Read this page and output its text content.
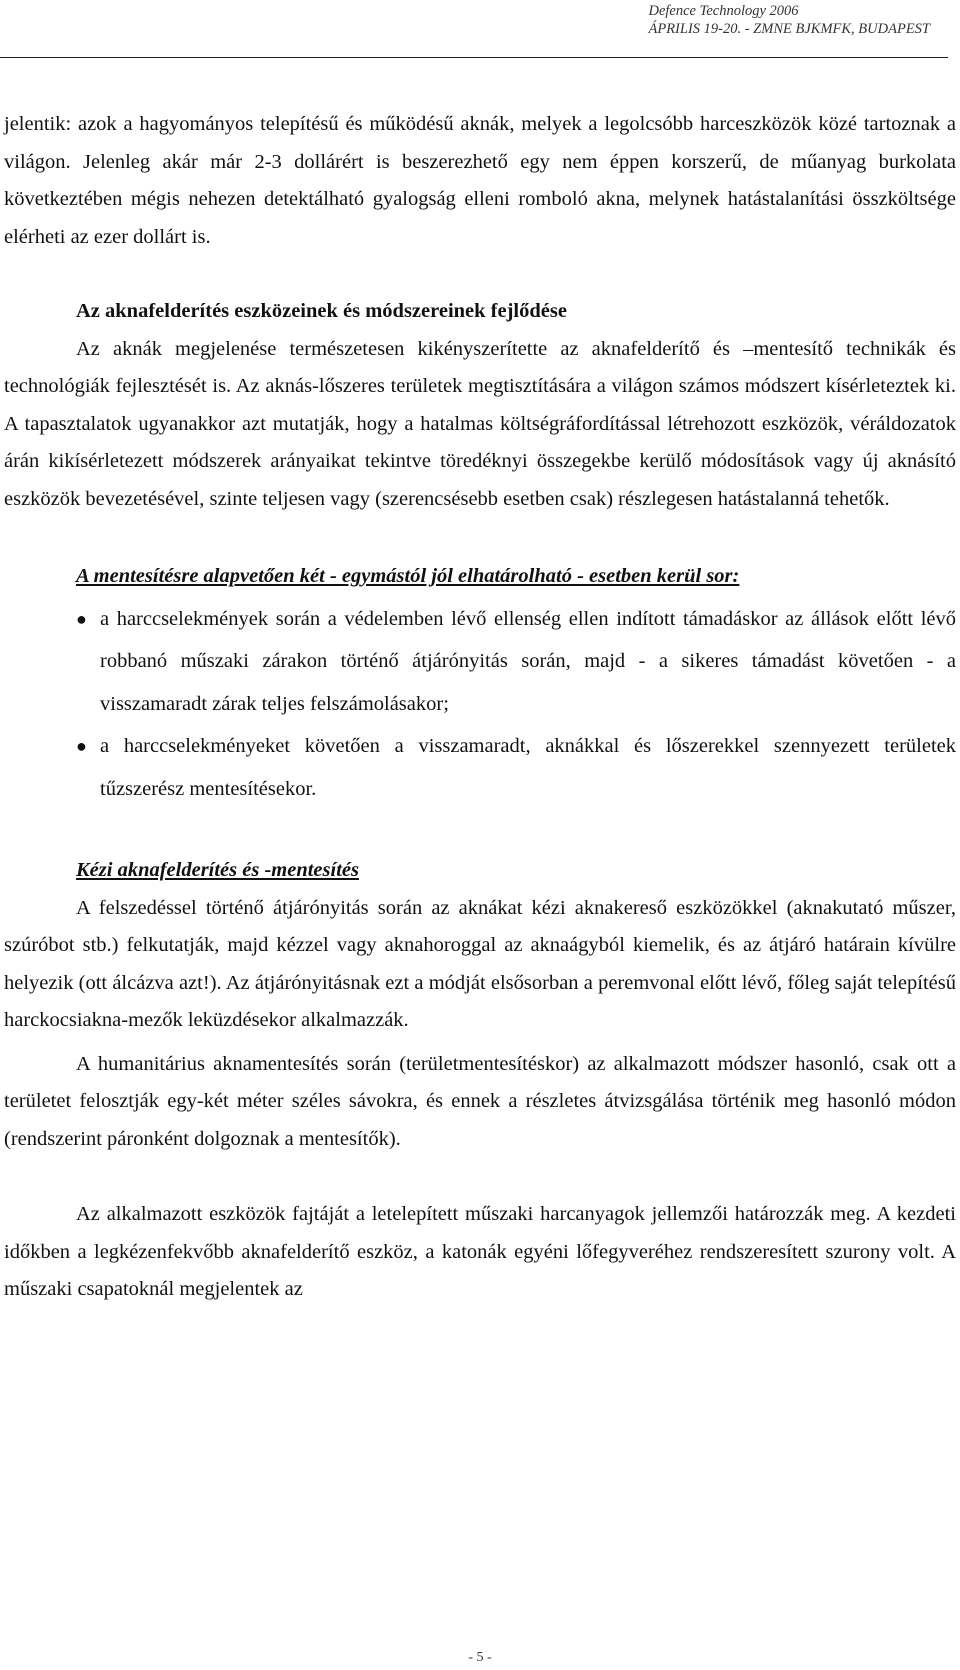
Defence Technology 2006
ÁPRILIS 19-20. - ZMNE BJKMFK, BUDAPEST

jelentik: azok a hagyományos telepítésű és működésű aknák, melyek a legolcsóbb harceszközök közé tartoznak a világon. Jelenleg akár már 2-3 dollárért is beszerezhető egy nem éppen korszerű, de műanyag burkolata következtében mégis nehezen detektálható gyalogság elleni romboló akna, melynek hatástalanítási összköltsége elérheti az ezer dollárt is.

Az aknafelderítés eszközeinek és módszereinek fejlődése

Az aknák megjelenése természetesen kikényszerítette az aknafelderítő és –mentesítő technikák és technológiák fejlesztését is. Az aknás-lőszeres területek megtisztítására a világon számos módszert kísérleteztek ki. A tapasztalatok ugyanakkor azt mutatják, hogy a hatalmas költségráfordítással létrehozott eszközök, véráldozatok árán kikísérletezett módszerek arányaikat tekintve töredéknyi összegekbe kerülő módosítások vagy új aknásító eszközök bevezetésével, szinte teljesen vagy (szerencsésebb esetben csak) részlegesen hatástalanná tehetők.

A mentesítésre alapvetően két - egymástól jól elhatárolható - esetben kerül sor:
● a harccselekmények során a védelemben lévő ellenség ellen indított támadáskor az állások előtt lévő robbanó műszaki zárakon történő átjárónyitás során, majd - a sikeres támadást követően - a visszamaradt zárak teljes felszámolásakor;
● a harccselekményeket követően a visszamaradt, aknákkal és lőszerekkel szennyezett területek tűzszerész mentesítésekor.
Kézi aknafelderítés és -mentesítés

A felszedéssel történő átjárónyitás során az aknákat kézi aknakereső eszközökkel (aknakutató műszer, szúróbot stb.) felkutatják, majd kézzel vagy aknahoroggal az aknaágyból kiemelik, és az átjáró határain kívülre helyezik (ott álcázva azt!). Az átjárónyitásnak ezt a módját elsősorban a peremvonal előtt lévő, főleg saját telepítésű harckocsiakna-mezők leküzdésekor alkalmazzák.

A humanitárius aknamentesítés során (területmentesítéskor) az alkalmazott módszer hasonló, csak ott a területet felosztják egy-két méter széles sávokra, és ennek a részletes átvizsgálása történik meg hasonló módon (rendszerint páronként dolgoznak a mentesítők).

Az alkalmazott eszközök fajtáját a letelepített műszaki harcanyagok jellemzői határozzák meg. A kezdeti időkben a legkézenfekvőbb aknafelderítő eszköz, a katonák egyéni lőfegyveréhez rendszeresített szurony volt. A műszaki csapatoknál megjelentek az

- 5 -
